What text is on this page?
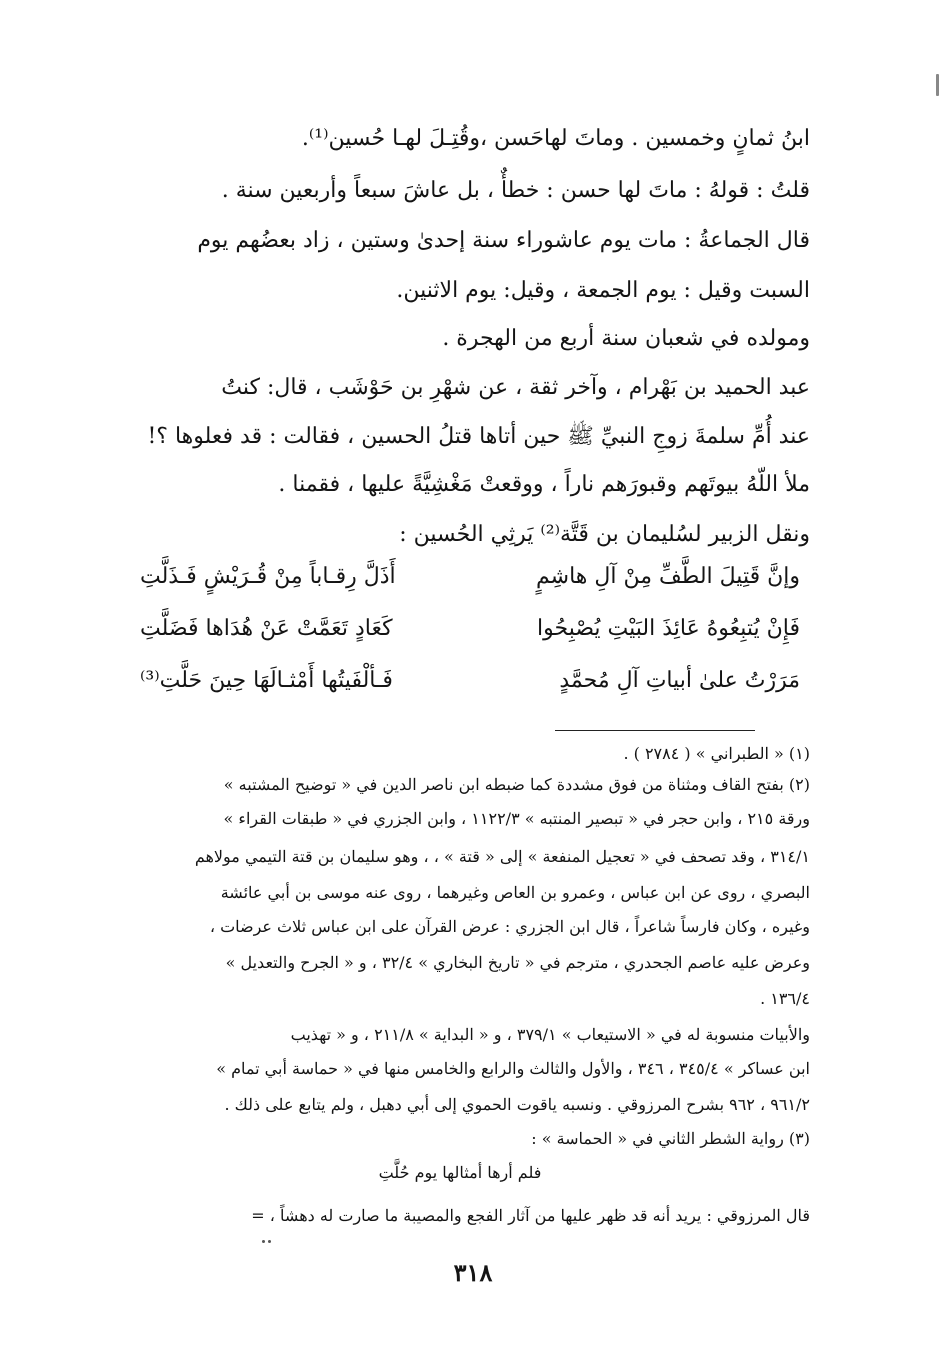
ابنُ ثمانٍ وخمسين . وماتَ لهاحَسن ،وقُتِـلَ لهـا حُسين⁽¹⁾.
قلتُ : قولهُ : ماتَ لها حسن : خطأٌ ، بل عاشَ سبعاً وأربعين سنة .
قال الجماعةُ : مات يوم عاشوراء سنة إحدىٰ وستين ، زاد بعضُهم يوم
السبت وقيل : يوم الجمعة ، وقيل: يوم الاثنين.
ومولده في شعبان سنة أربع من الهجرة .
عبد الحميد بن بَهْرام ، وآخر ثقة ، عن شهْرِ بن حَوْشَب ، قال: كنتُ
عند أُمِّ سلمةَ زوجِ النبيِّ ﷺ حين أتاها قتلُ الحسين ، فقالت : قد فعلوها ؟!
ملأ اللّهُ بيوتَهم وقبورَهم ناراً ، ووقعتْ مَغْشِيَّةً عليها ، فقمنا .
ونقل الزبير لسُليمان بن قَتَّة⁽²⁾ يَرثِي الحُسين :
وإنَّ قَتِيلَ الطَّفِّ مِنْ آلِ هاشِمٍ
أَذَلَّ رِقـاباً مِنْ قُـرَيْشٍ فَـذَلَّتِ
فَإِنْ يُتبِعُوهُ عَائِذَ البَيْتِ يُصْبِحُوا
كَعَادٍ تَعَمَّتْ عَنْ هُدَاها فَضَلَّتِ
مَرَرْتُ علىٰ أبياتِ آلِ مُحمَّدٍ
فَـألْفَيتُها أَمْثـالَهَا حِينَ حَلَّتِ⁽³⁾
(١) « الطبراني » ( ٢٧٨٤ ) .
(٢) بفتح القاف ومثناة من فوق مشددة كما ضبطه ابن ناصر الدين في « توضيح المشتبه »
ورقة ٢١٥ ، وابن حجر في « تبصير المنتبه » ١١٢٢/٣ ، وابن الجزري في « طبقات القراء »
٣١٤/١ ، وقد تصحف في « تعجيل المنفعة » إلى « قتة » ، ، وهو سليمان بن قتة التيمي مولاهم
البصري ، روى عن ابن عباس ، وعمرو بن العاص وغيرهما ، روى عنه موسى بن أبي عائشة
وغيره ، وكان فارساً شاعراً ، قال ابن الجزري : عرض القرآن على ابن عباس ثلاث عرضات ،
وعرض عليه عاصم الجحدري ، مترجم في « تاريخ البخاري » ٣٢/٤ ، و « الجرح والتعديل »
١٣٦/٤ .
والأبيات منسوبة له في « الاستيعاب » ٣٧٩/١ ، و « البداية » ٢١١/٨ ، و « تهذيب
ابن عساكر » ٣٤٥/٤ ، ٣٤٦ ، والأول والثالث والرابع والخامس منها في « حماسة أبي تمام »
٩٦١/٢ ، ٩٦٢ بشرح المرزوقي . ونسبه ياقوت الحموي إلى أبي دهبل ، ولم يتابع على ذلك .
(٣) رواية الشطر الثاني في « الحماسة » :
فلم أرها أمثالها يوم حُلَّتِ
قال المرزوقي : يريد أنه قد ظهر عليها من آثار الفجع والمصيبة ما صارت له دهشاً ، =
٣١٨
